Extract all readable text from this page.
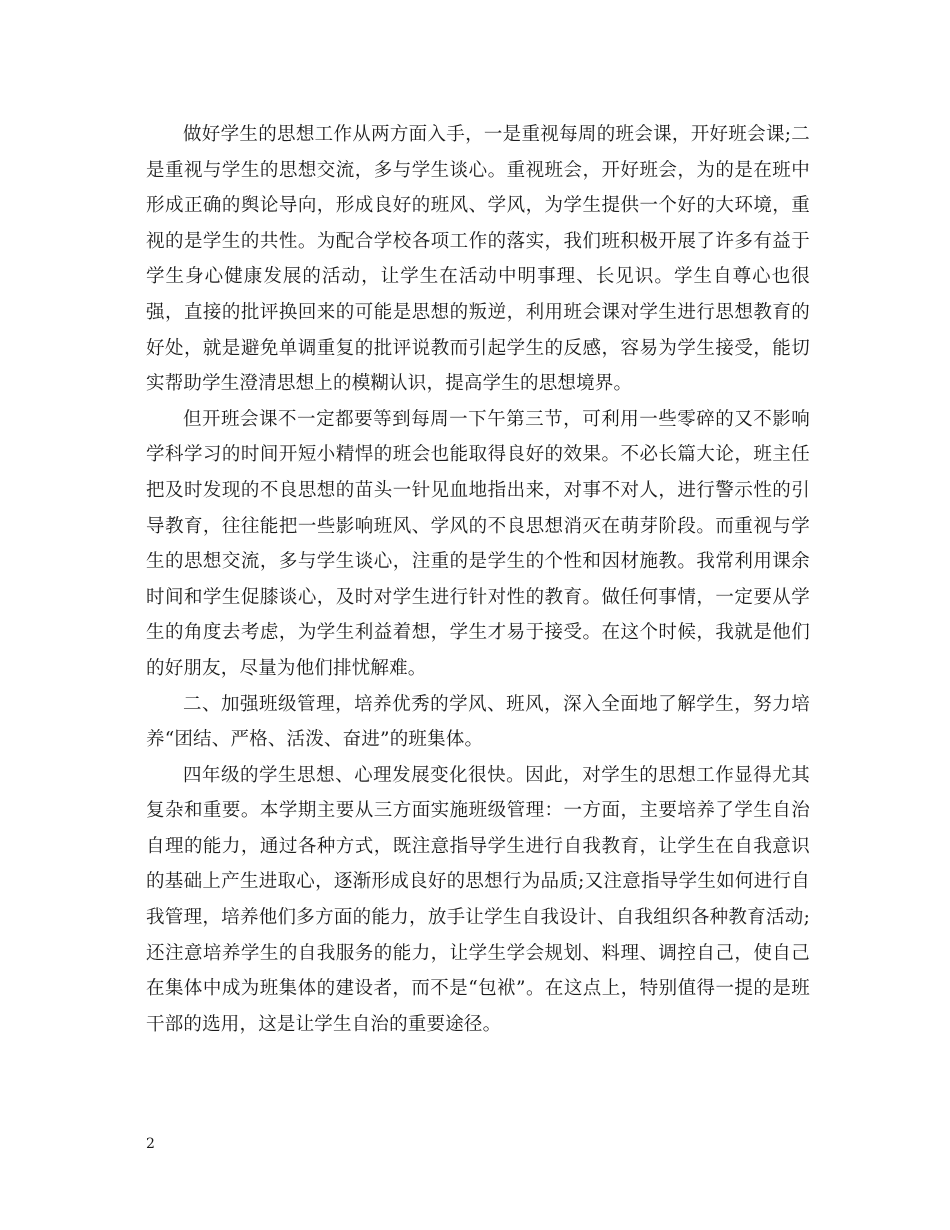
做好学生的思想工作从两方面入手，一是重视每周的班会课，开好班会课;二是重视与学生的思想交流，多与学生谈心。重视班会，开好班会，为的是在班中形成正确的舆论导向，形成良好的班风、学风，为学生提供一个好的大环境，重视的是学生的共性。为配合学校各项工作的落实，我们班积极开展了许多有益于学生身心健康发展的活动，让学生在活动中明事理、长见识。学生自尊心也很强，直接的批评换回来的可能是思想的叛逆，利用班会课对学生进行思想教育的好处，就是避免单调重复的批评说教而引起学生的反感，容易为学生接受，能切实帮助学生澄清思想上的模糊认识，提高学生的思想境界。

但开班会课不一定都要等到每周一下午第三节，可利用一些零碎的又不影响学科学习的时间开短小精悍的班会也能取得良好的效果。不必长篇大论，班主任把及时发现的不良思想的苗头一针见血地指出来，对事不对人，进行警示性的引导教育，往往能把一些影响班风、学风的不良思想消灭在萌芽阶段。而重视与学生的思想交流，多与学生谈心，注重的是学生的个性和因材施教。我常利用课余时间和学生促膝谈心，及时对学生进行针对性的教育。做任何事情，一定要从学生的角度去考虑，为学生利益着想，学生才易于接受。在这个时候，我就是他们的好朋友，尽量为他们排忧解难。

二、加强班级管理，培养优秀的学风、班风，深入全面地了解学生，努力培养“团结、严格、活泼、奋进”的班集体。

四年级的学生思想、心理发展变化很快。因此，对学生的思想工作显得尤其复杂和重要。本学期主要从三方面实施班级管理：一方面，主要培养了学生自治自理的能力，通过各种方式，既注意指导学生进行自我教育，让学生在自我意识的基础上产生进取心，逐渐形成良好的思想行为品质;又注意指导学生如何进行自我管理，培养他们多方面的能力，放手让学生自我设计、自我组织各种教育活动;还注意培养学生的自我服务的能力，让学生学会规划、料理、调控自己，使自己在集体中成为班集体的建设者，而不是“包袱”。在这点上，特别值得一提的是班干部的选用，这是让学生自治的重要途径。

2
